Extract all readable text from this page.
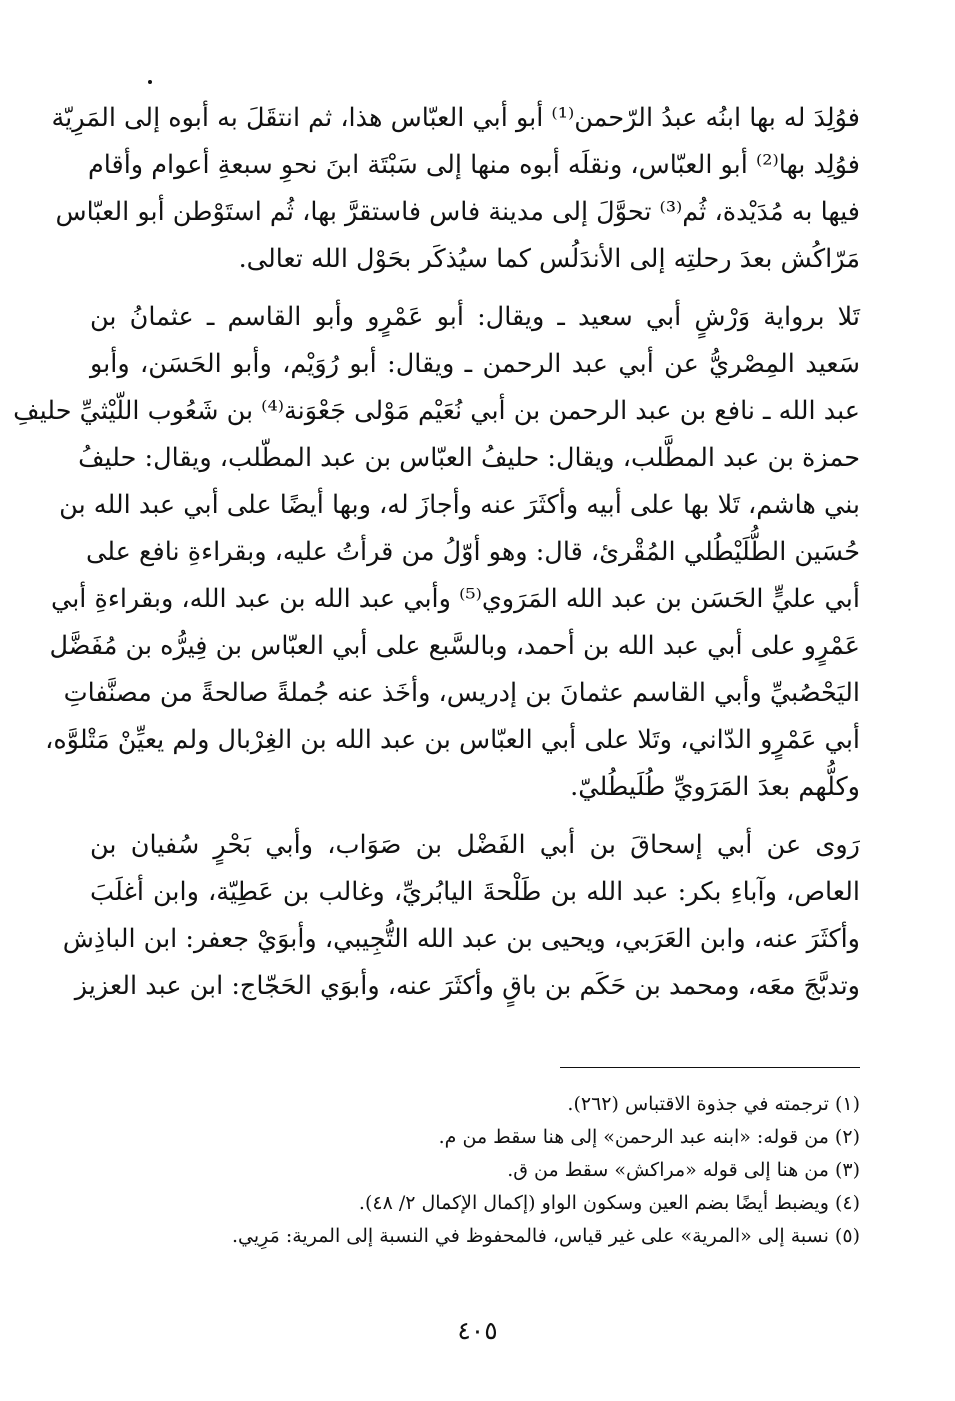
فوُلِدَ له بها ابنُه عبدُ الرّحمن⁽¹⁾ أبو أبي العبّاس هذا، ثم انتقَلَ به أبوه إلى المَرِيّة
فوُلِد بها⁽²⁾ أبو العبّاس، ونقلَه أبوه منها إلى سَبْتَة ابنَ نحوِ سبعةِ أعوام وأقام
فيها به مُدَيْدة، ثُم⁽³⁾ تحوَّلَ إلى مدينة فاس فاستقرَّ بها، ثُم استَوْطن أبو العبّاس
مَرّاكُش بعدَ رحلتِه إلى الأندَلُس كما سيُذكَر بحَوْل الله تعالى.
تَلا برواية وَرْشٍ أبي سعيد ـ ويقال: أبو عَمْرٍو وأبو القاسم ـ عثمانُ بن
سَعيد المِصْريُّ عن أبي عبد الرحمن ـ ويقال: أبو رُوَيْم، وأبو الحَسَن، وأبو
عبد الله ـ نافع بن عبد الرحمن بن أبي نُعَيْم مَوْلى جَعْوَنة⁽⁴⁾ بن شَعُوب اللّيْثيِّ حليفِ
حمزة بن عبد المطَّلب، ويقال: حليفُ العبّاس بن عبد المطّلب، ويقال: حليفُ
بني هاشم، تَلا بها على أبيه وأكثَرَ عنه وأجازَ له، وبها أيضًا على أبي عبد الله بن
حُسَين الطُّلَيْطُلي المُقْرئ، قال: وهو أوّلُ من قرأتُ عليه، وبقراءةِ نافع على
أبي عليٍّ الحَسَن بن عبد الله المَرَوي⁽⁵⁾ وأبي عبد الله بن عبد الله، وبقراءةِ أبي
عَمْرٍو على أبي عبد الله بن أحمد، وبالسَّبع على أبي العبّاس بن فِيرُّه بن مُفَضَّل
اليَحْصُبيِّ وأبي القاسم عثمانَ بن إدريس، وأخَذ عنه جُملةً صالحةً من مصنَّفاتِ
أبي عَمْرٍو الدّاني، وتَلا على أبي العبّاس بن عبد الله بن الغِرْبال ولم يعيِّنْ مَتْلوَّه،
وكلُّهم بعدَ المَرَويِّ طُلَيطُليّ.
رَوى عن أبي إسحاقَ بن أبي الفَضْل بن صَوَاب، وأبي بَحْرٍ سُفيان بن
العاص، وآباءِ بكر: عبد الله بن طَلْحةَ اليابُريِّ، وغالب بن عَطِيّة، وابن أغلَبَ
وأكثَرَ عنه، وابن العَرَبي، ويحيى بن عبد الله التُّجِيبي، وأبوَيْ جعفر: ابن الباذِش
وتدبَّجَ معَه، ومحمد بن حَكَم بن باقٍ وأكثَرَ عنه، وأبوَي الحَجّاج: ابن عبد العزيز
(١) ترجمته في جذوة الاقتباس (٢٦٢).
(٢) من قوله: «ابنه عبد الرحمن» إلى هنا سقط من م.
(٣) من هنا إلى قوله «مراكش» سقط من ق.
(٤) ويضبط أيضًا بضم العين وسكون الواو (إكمال الإكمال ٢/ ٤٨).
(٥) نسبة إلى «المرية» على غير قياس، فالمحفوظ في النسبة إلى المرية: مَرِيي.
٤٠٥
